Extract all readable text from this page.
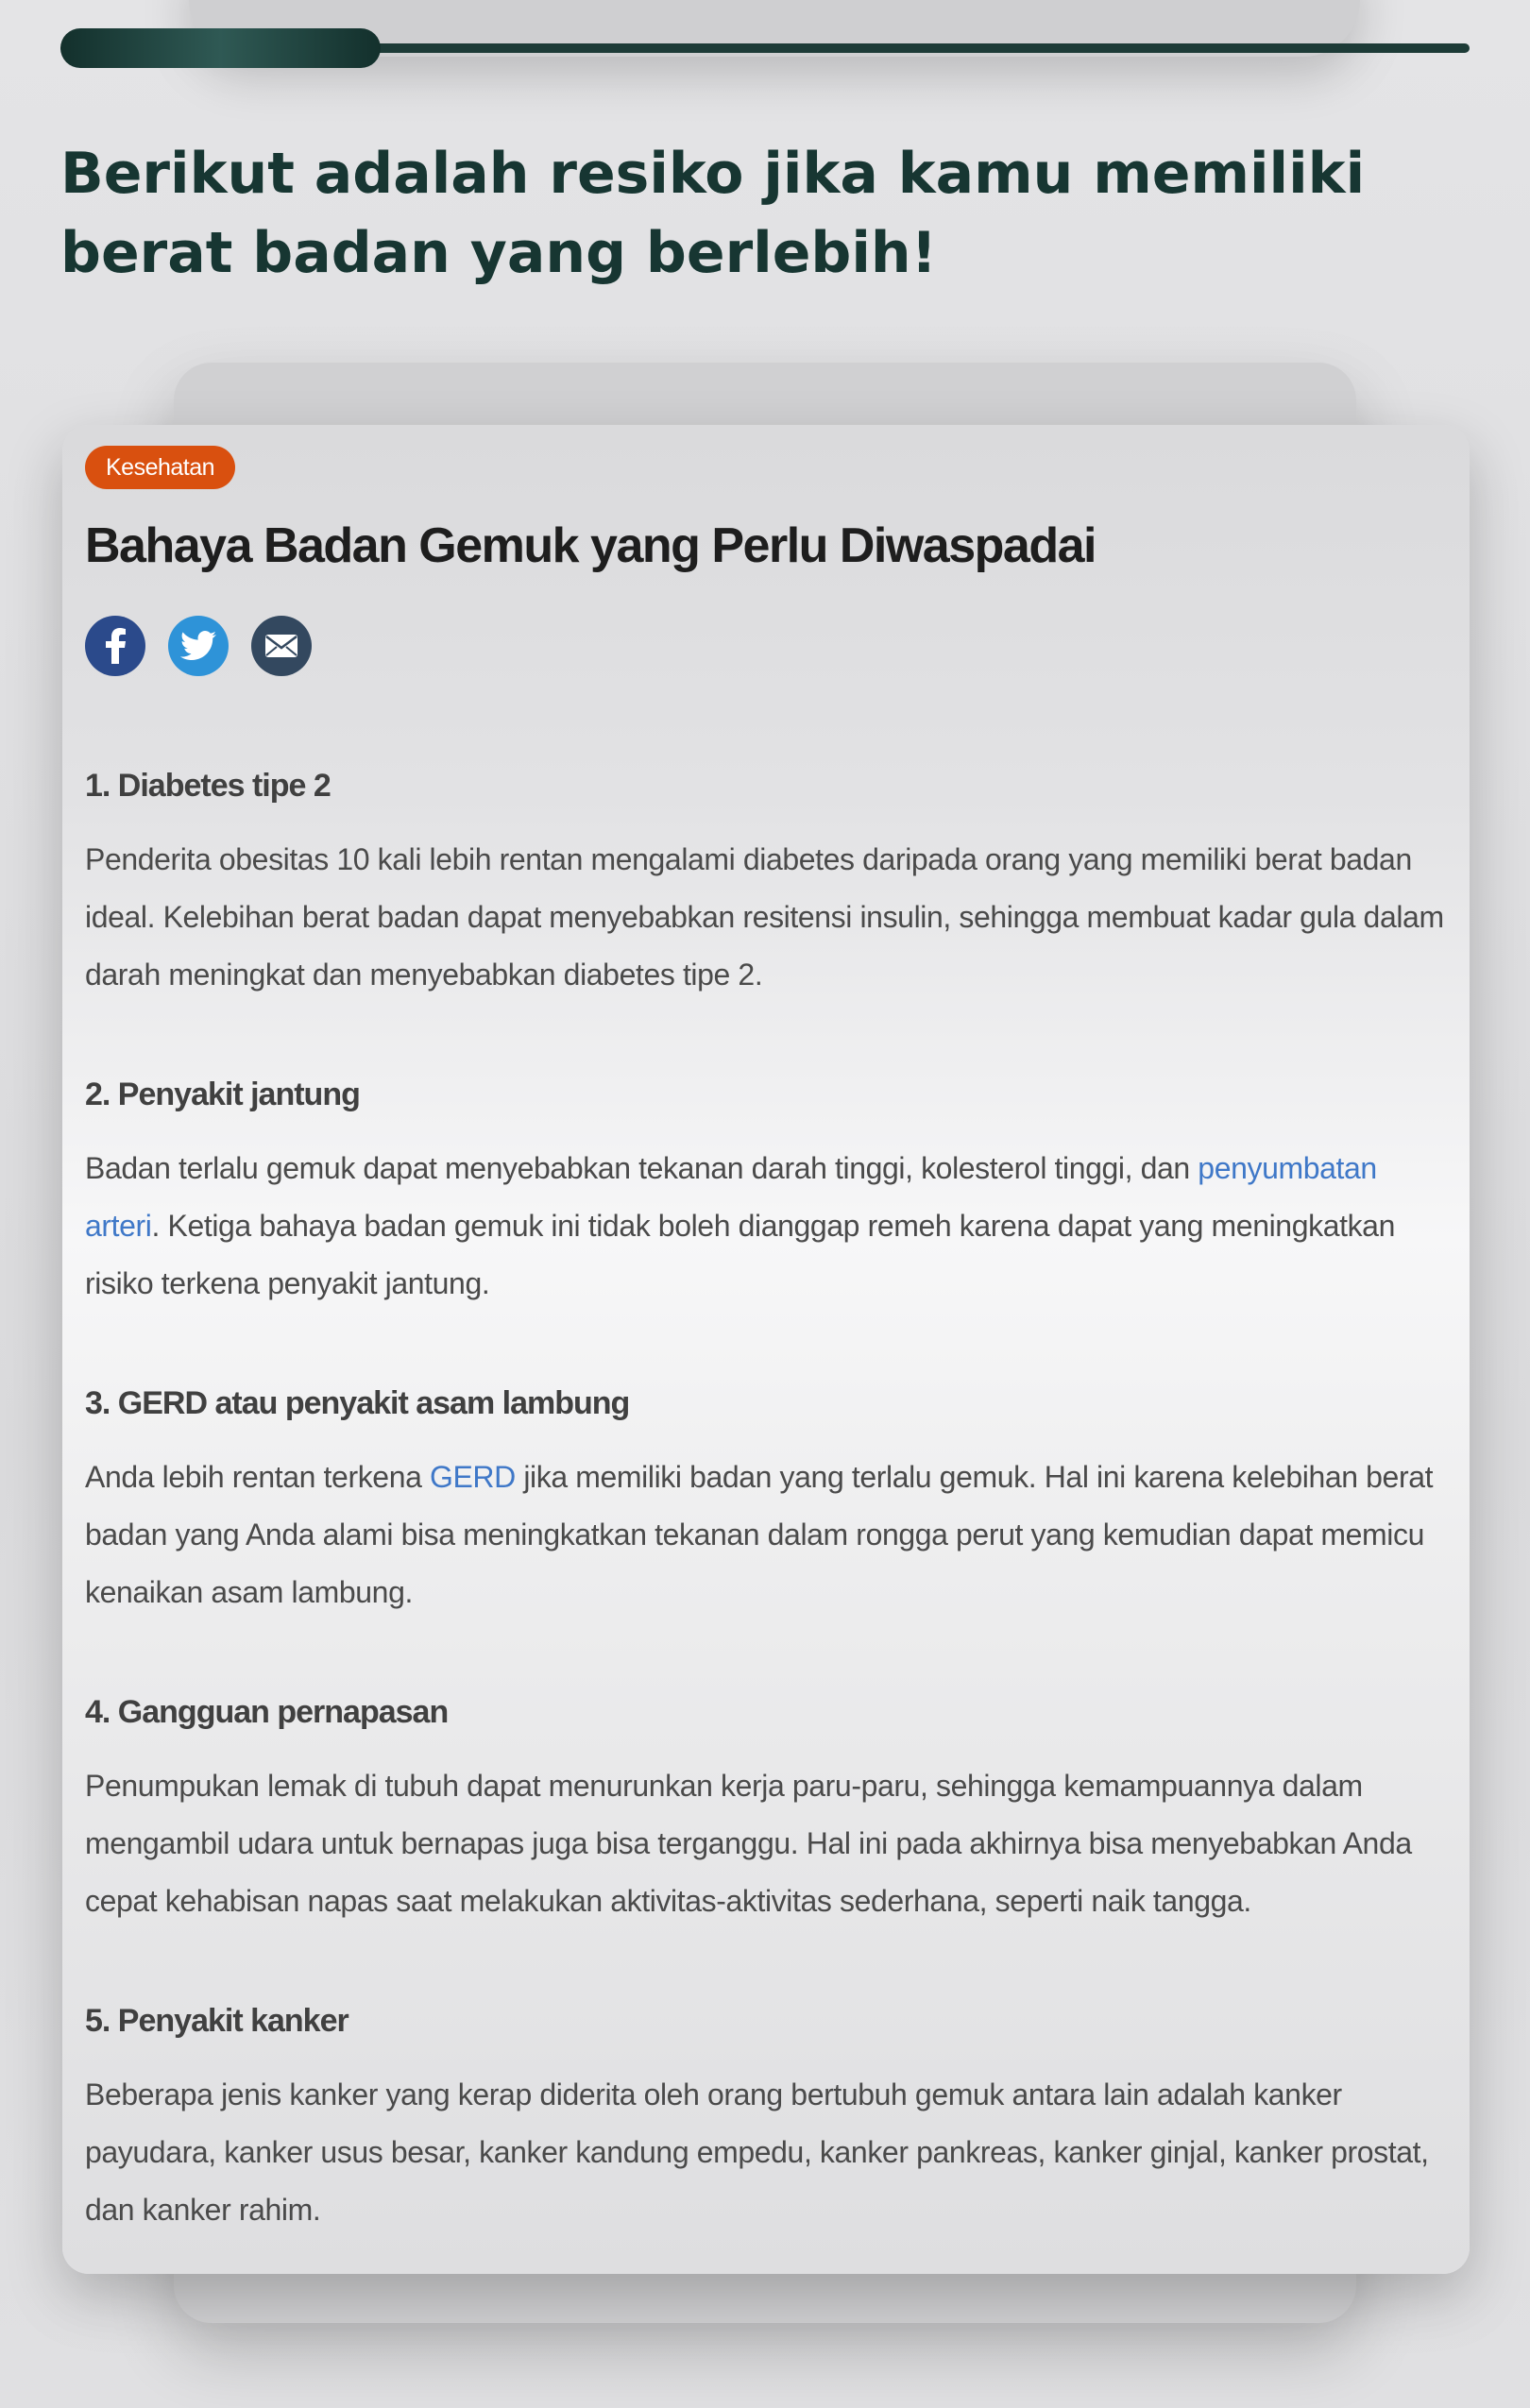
Berikut adalah resiko jika kamu memiliki berat badan yang berlebih!
Kesehatan
Bahaya Badan Gemuk yang Perlu Diwaspadai
1. Diabetes tipe 2

Penderita obesitas 10 kali lebih rentan mengalami diabetes daripada orang yang memiliki berat badan ideal. Kelebihan berat badan dapat menyebabkan resitensi insulin, sehingga membuat kadar gula dalam darah meningkat dan menyebabkan diabetes tipe 2.

2. Penyakit jantung

Badan terlalu gemuk dapat menyebabkan tekanan darah tinggi, kolesterol tinggi, dan penyumbatan arteri. Ketiga bahaya badan gemuk ini tidak boleh dianggap remeh karena dapat yang meningkatkan risiko terkena penyakit jantung.

3. GERD atau penyakit asam lambung

Anda lebih rentan terkena GERD jika memiliki badan yang terlalu gemuk. Hal ini karena kelebihan berat badan yang Anda alami bisa meningkatkan tekanan dalam rongga perut yang kemudian dapat memicu kenaikan asam lambung.

4. Gangguan pernapasan

Penumpukan lemak di tubuh dapat menurunkan kerja paru-paru, sehingga kemampuannya dalam mengambil udara untuk bernapas juga bisa terganggu. Hal ini pada akhirnya bisa menyebabkan Anda cepat kehabisan napas saat melakukan aktivitas-aktivitas sederhana, seperti naik tangga.

5. Penyakit kanker

Beberapa jenis kanker yang kerap diderita oleh orang bertubuh gemuk antara lain adalah kanker payudara, kanker usus besar, kanker kandung empedu, kanker pankreas, kanker ginjal, kanker prostat, dan kanker rahim.
